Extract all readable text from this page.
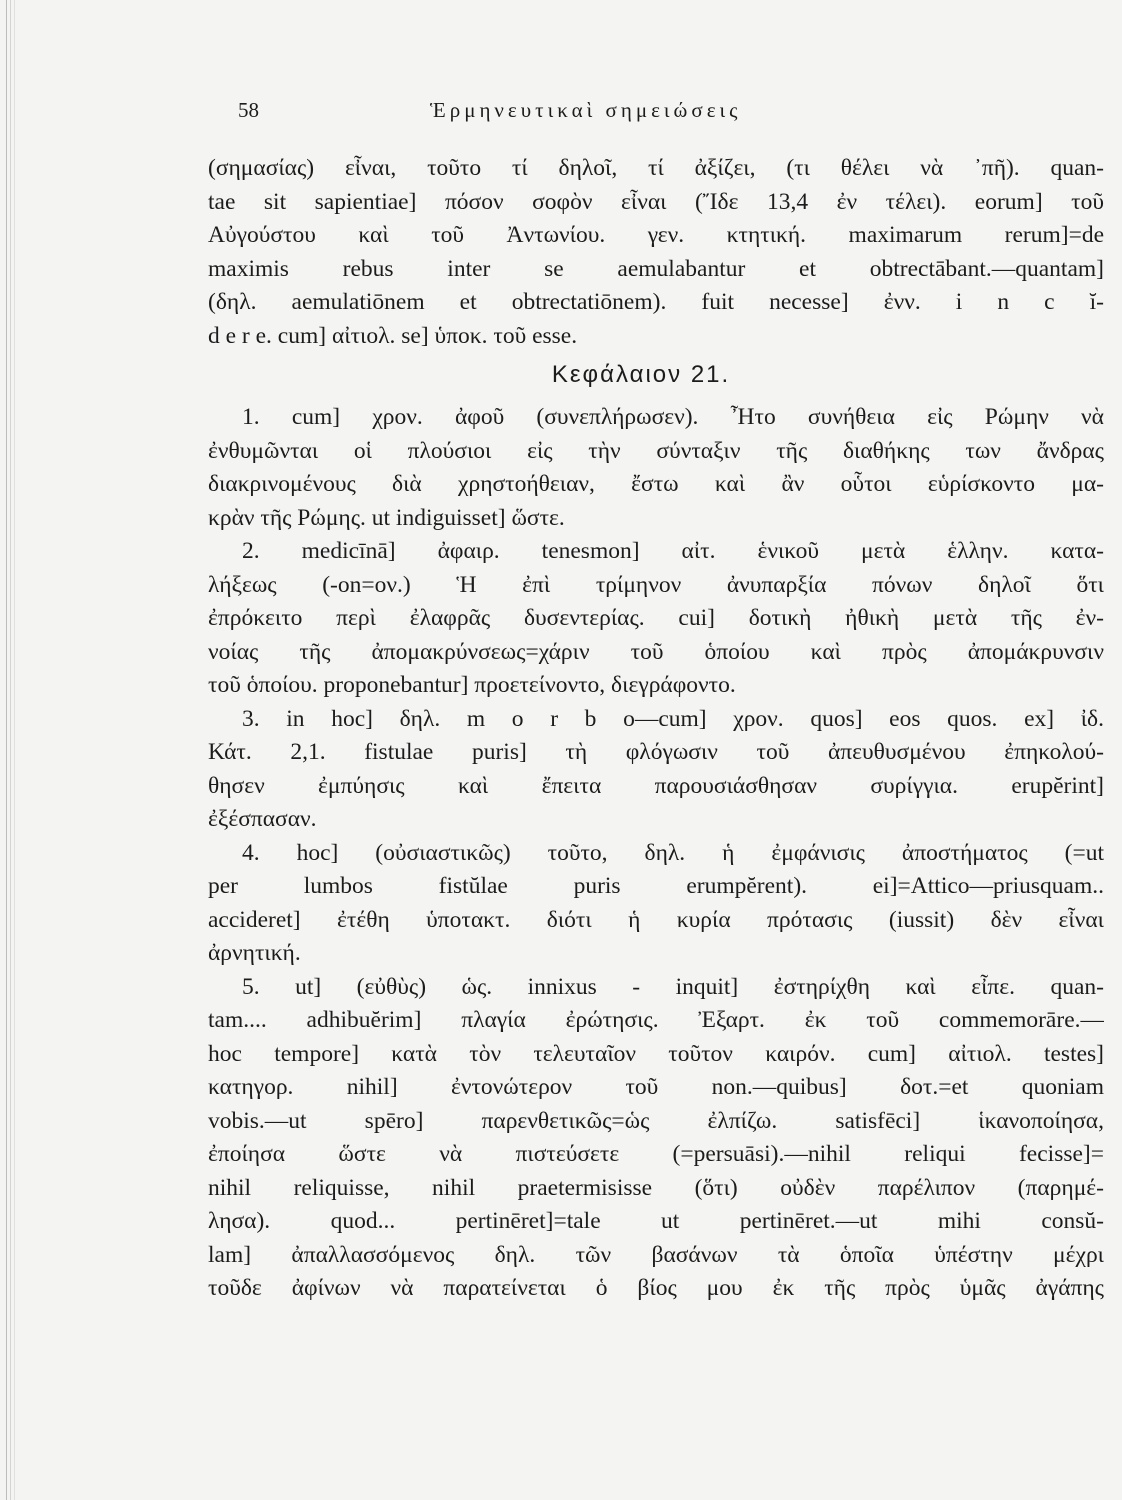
58	Ἑρμηνευτικαὶ σημειώσεις
(σημασίας) εἶναι, τοῦτο τί δηλοῖ, τί ἀξίζει, (τι θέλει νὰ ᾽πῆ). quan-
tae sit sapientiae] πόσον σοφὸν εἶναι (Ἴδε 13,4 ἐν τέλει). eorum] τοῦ
Αὐγούστου καὶ τοῦ Ἀντωνίου. γεν. κτητική. maximarum rerum]=de
maximis rebus inter se aemulabantur et obtrectābant.—quantam]
(δηλ. aemulatiōnem et obtrectatiōnem). fuit necesse] ἐνν. i n c ĭ-
d e r e. cum] αἰτιολ. se] ὑποκ. τοῦ esse.
Κεφάλαιον 21.
1. cum] χρον. ἀφοῦ (συνεπλήρωσεν). Ἦτο συνήθεια εἰς Ρώμην νὰ
ἐνθυμῶνται οἱ πλούσιοι εἰς τὴν σύνταξιν τῆς διαθήκης των ἄνδρας
διακρινομένους διὰ χρηστοήθειαν, ἔστω καὶ ἂν οὗτοι εὑρίσκοντο μα-
κρὰν τῆς Ρώμης. ut indiguisset] ὥστε.
2. medicīnā] ἀφαιρ. tenesmon] αἰτ. ἑνικοῦ μετὰ ἑλλην. κατα-
λήξεως (-on=ον.) Ἡ ἐπὶ τρίμηνον ἀνυπαρξία πόνων δηλοῖ ὅτι
ἐπρόκειτο περὶ ἐλαφρᾶς δυσεντερίας. cui] δοτικὴ ἠθικὴ μετὰ τῆς ἐν-
νοίας τῆς ἀπομακρύνσεως=χάριν τοῦ ὁποίου καὶ πρὸς ἀπομάκρυνσιν
τοῦ ὁποίου. proponebantur] προετείνοντο, διεγράφοντο.
3. in hoc] δηλ. m o r b o—cum] χρον. quos] eos quos. ex] ἰδ.
Κάτ. 2,1. fistulae puris] τὴ φλόγωσιν τοῦ ἀπευθυσμένου ἐπηκολού-
θησεν ἐμπύησις καὶ ἔπειτα παρουσιάσθησαν συρίγγια. erupĕrint]
ἐξέσπασαν.
4. hoc] (οὐσιαστικῶς) τοῦτο, δηλ. ἡ ἐμφάνισις ἀποστήματος (=ut
per lumbos fistŭlae puris erumpĕrent). ei]=Attico—priusquam..
accideret] ἐτέθη ὑποτακτ. διότι ἡ κυρία πρότασις (iussit) δὲν εἶναι
ἀρνητική.
5. ut] (εὐθὺς) ὡς. innixus - inquit] ἐστηρίχθη καὶ εἶπε. quan-
tam.... adhibuĕrim] πλαγία ἐρώτησις. Ἐξαρτ. ἐκ τοῦ commemorāre.—
hoc tempore] κατὰ τὸν τελευταῖον τοῦτον καιρόν. cum] αἰτιολ. testes]
κατηγορ. nihil] ἐντονώτερον τοῦ non.—quibus] δοτ.=et quoniam
vobis.—ut spēro] παρενθετικῶς=ὡς ἐλπίζω. satisfēci] ἱκανοποίησα,
ἐποίησα ὥστε νὰ πιστεύσετε (=persuāsi).—nihil reliqui fecisse]=
nihil reliquisse, nihil praetermisisse (ὅτι) οὐδὲν παρέλιπον (παρημέ-
λησα). quod... pertinēret]=tale ut pertinēret.—ut mihi consŭ-
lam] ἀπαλλασσόμενος δηλ. τῶν βασάνων τὰ ὁποῖα ὑπέστην μέχρι
τοῦδε ἀφίνων νὰ παρατείνεται ὁ βίος μου ἐκ τῆς πρὸς ὑμᾶς ἀγάπης
